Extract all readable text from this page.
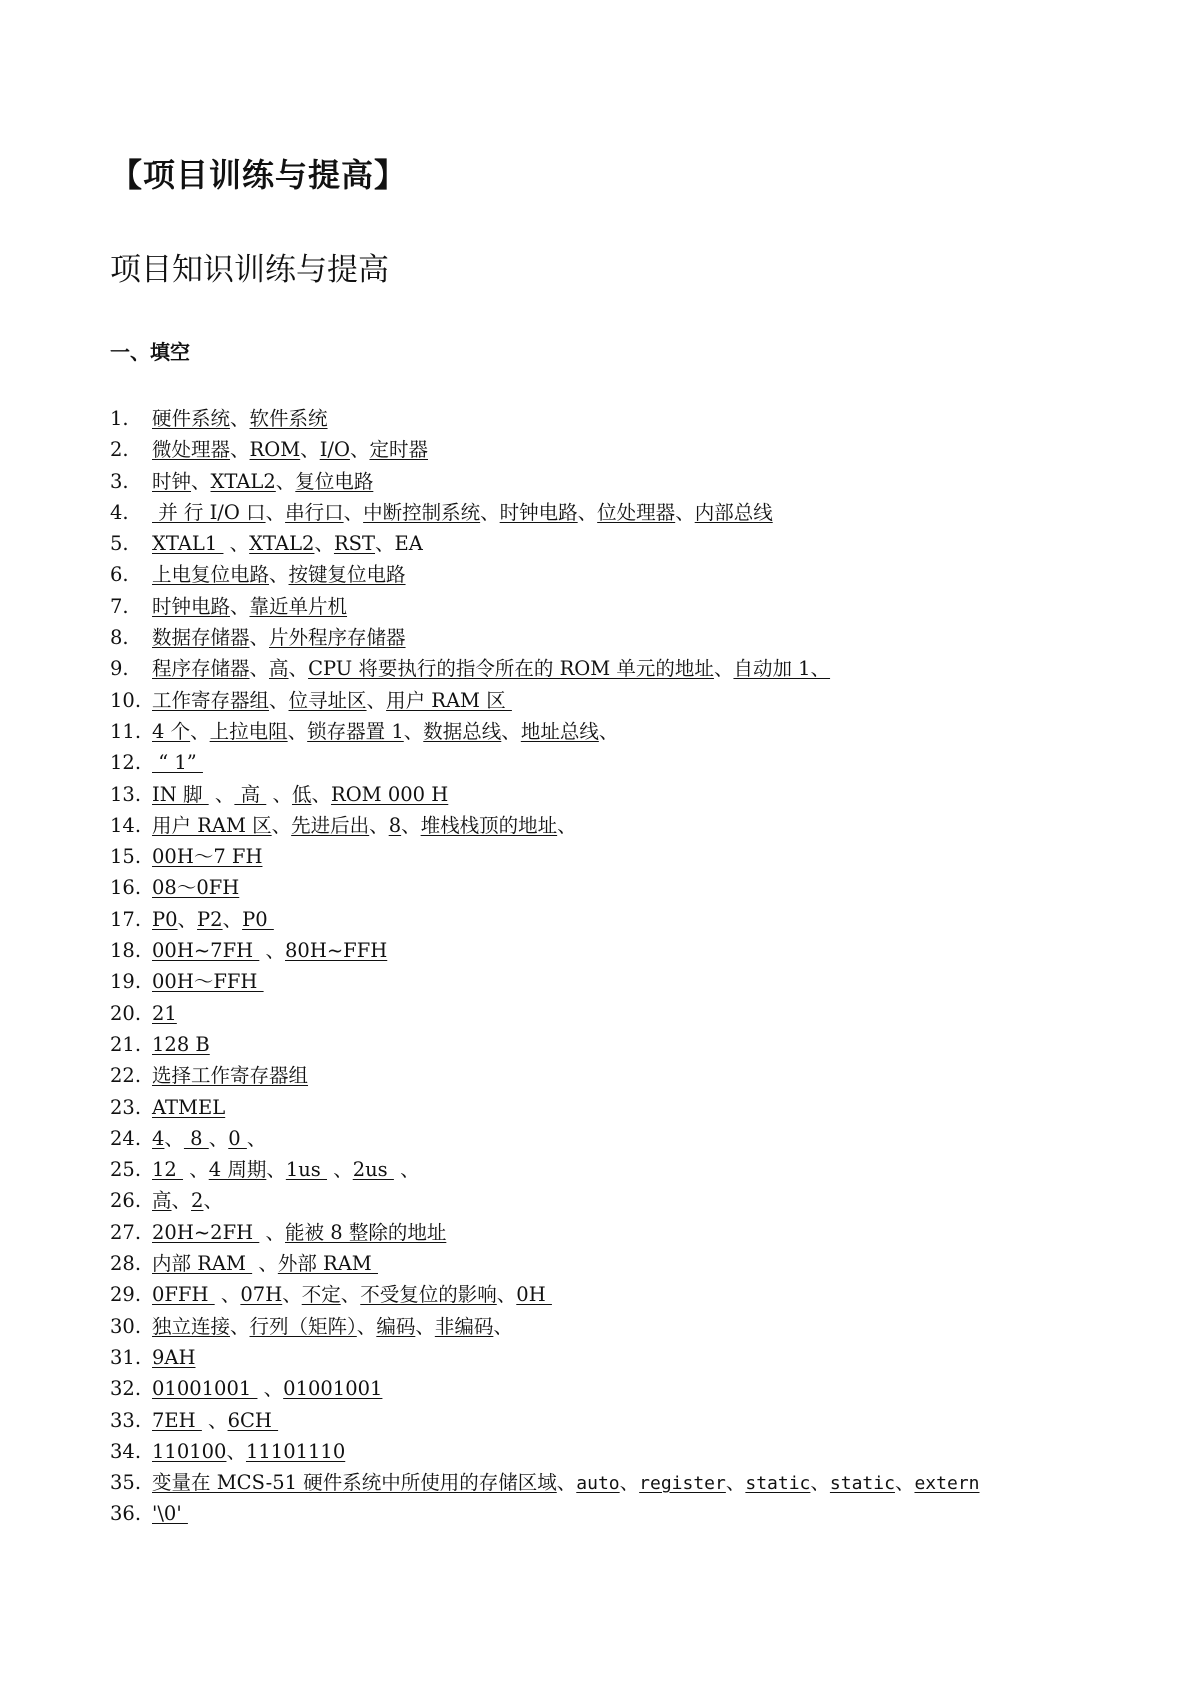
【项目训练与提高】
项目知识训练与提高
一、填空
1. 硬件系统、软件系统
2. 微处理器、ROM、I/O、定时器
3. 时钟、XTAL2、复位电路
4. 并 行 I/O 口、串行口、中断控制系统、时钟电路、位处理器、内部总线
5. XTAL1  、XTAL2、RST、EA
6. 上电复位电路、按键复位电路
7. 时钟电路、靠近单片机
8. 数据存储器、片外程序存储器
9. 程序存储器、高、CPU 将要执行的指令所在的 ROM 单元的地址、自动加 1、
10. 工作寄存器组、位寻址区、用户 RAM 区
11. 4 个、上拉电阻、锁存器置 1、数据总线、地址总线、
12. “ 1”
13. IN 脚  、 高  、低、ROM 000 H
14. 用户 RAM 区、先进后出、8、堆栈栈顶的地址、
15. 00H～7 FH
16. 08～0FH
17. P0、P2、P0
18. 00H~7FH  、80H~FFH
19. 00H～FFH
20. 21
21. 128 B
22. 选择工作寄存器组
23. ATMEL
24. 4、 8 、0 、
25. 12  、4 周期、1us  、2us  、
26. 高、2、
27. 20H~2FH  、能被 8 整除的地址
28. 内部 RAM  、外部 RAM
29. 0FFH  、07H、不定、不受复位的影响、0H
30. 独立连接、行列（矩阵）、编码、非编码、
31. 9AH
32. 01001001  、01001001
33. 7EH  、6CH
34. 110100、11101110
35. 变量在 MCS-51 硬件系统中所使用的存储区域、auto、register、static、static、extern
36. '\0'
